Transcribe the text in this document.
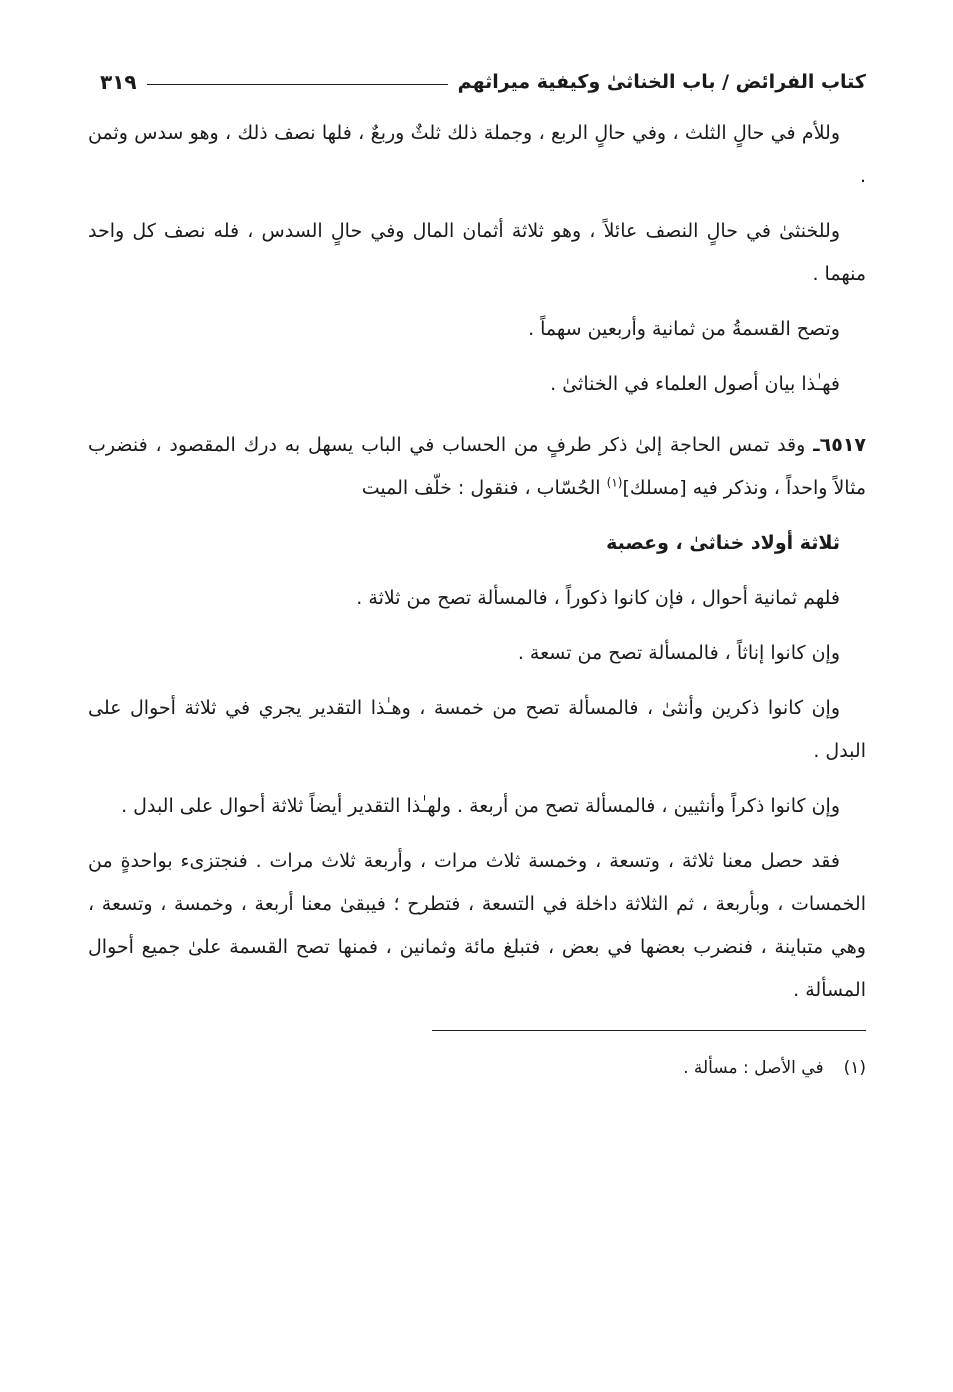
كتاب الفرائض / باب الخناثىٰ وكيفية ميراثهم
٣١٩

وللأم في حالٍ الثلث ، وفي حالٍ الربع ، وجملة ذلك ثلثٌ وربعٌ ، فلها نصف ذلك ، وهو سدس وثمن .

وللخنثىٰ في حالٍ النصف عائلاً ، وهو ثلاثة أثمان المال وفي حالٍ السدس ، فله نصف كل واحد منهما .

وتصح القسمةُ من ثمانية وأربعين سهماً .

فهـٰذا بيان أصول العلماء في الخناثىٰ .

٦٥١٧ـ وقد تمس الحاجة إلىٰ ذكر طرفٍ من الحساب في الباب يسهل به درك المقصود ، فنضرب مثالاً واحداً ، ونذكر فيه [مسلك]$^{(١)}$ الحُسّاب ، فنقول : خلّف الميت

ثلاثة أولاد خناثىٰ ، وعصبة

فلهم ثمانية أحوال ، فإن كانوا ذكوراً ، فالمسألة تصح من ثلاثة .

وإن كانوا إناثاً ، فالمسألة تصح من تسعة .

وإن كانوا ذكرين وأنثىٰ ، فالمسألة تصح من خمسة ، وهـٰذا التقدير يجري في ثلاثة أحوال على البدل .

وإن كانوا ذكراً وأنثيين ، فالمسألة تصح من أربعة . ولهـٰذا التقدير أيضاً ثلاثة أحوال على البدل .

فقد حصل معنا ثلاثة ، وتسعة ، وخمسة ثلاث مرات ، وأربعة ثلاث مرات . فنجتزىء بواحدةٍ من الخمسات ، وبأربعة ، ثم الثلاثة داخلة في التسعة ، فتطرح ؛ فيبقىٰ معنا أربعة ، وخمسة ، وتسعة ، وهي متباينة ، فنضرب بعضها في بعض ، فتبلغ مائة وثمانين ، فمنها تصح القسمة علىٰ جميع أحوال المسألة .

(١)في الأصل : مسألة .
